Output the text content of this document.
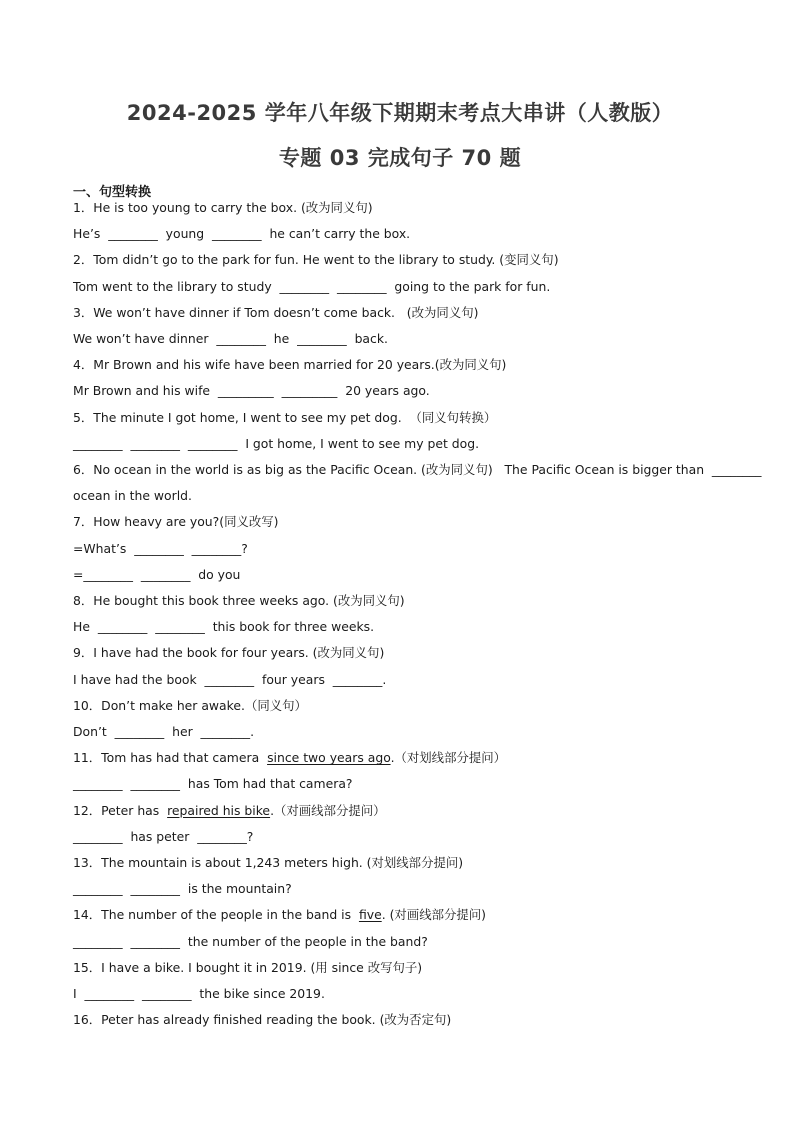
2024-2025 学年八年级下期期末考点大串讲（人教版）
专题 03 完成句子 70 题
一、句型转换
1．He is too young to carry the box. (改为同义句)
He’s  ________  young  ________  he can’t carry the box.
2．Tom didn’t go to the park for fun. He went to the library to study. (变同义句)
Tom went to the library to study  ________  ________  going to the park for fun.
3．We won’t have dinner if Tom doesn’t come back.   (改为同义句)
We won’t have dinner  ________  he  ________  back.
4．Mr Brown and his wife have been married for 20 years.(改为同义句)
Mr Brown and his wife  _________  _________  20 years ago.
5．The minute I got home, I went to see my pet dog.  （同义句转换）
________  ________  ________  I got home, I went to see my pet dog.
6．No ocean in the world is as big as the Pacific Ocean. (改为同义句)   The Pacific Ocean is bigger than  ________
ocean in the world.
7．How heavy are you?(同义改写)
=What’s  ________  ________?
=________  ________  do you
8．He bought this book three weeks ago. (改为同义句)
He  ________  ________  this book for three weeks.
9．I have had the book for four years. (改为同义句)
I have had the book  ________  four years  ________.
10．Don’t make her awake.（同义句）
Don’t  ________  her  ________.
11．Tom has had that camera  since two years ago.（对划线部分提问）
________  ________  has Tom had that camera?
12．Peter has  repaired his bike.（对画线部分提问）
________  has peter  ________?
13．The mountain is about 1,243 meters high. (对划线部分提问)
________  ________  is the mountain?
14．The number of the people in the band is  five. (对画线部分提问)
________  ________  the number of the people in the band?
15．I have a bike. I bought it in 2019. (用 since 改写句子)
I  ________  ________  the bike since 2019.
16．Peter has already finished reading the book. (改为否定句)
